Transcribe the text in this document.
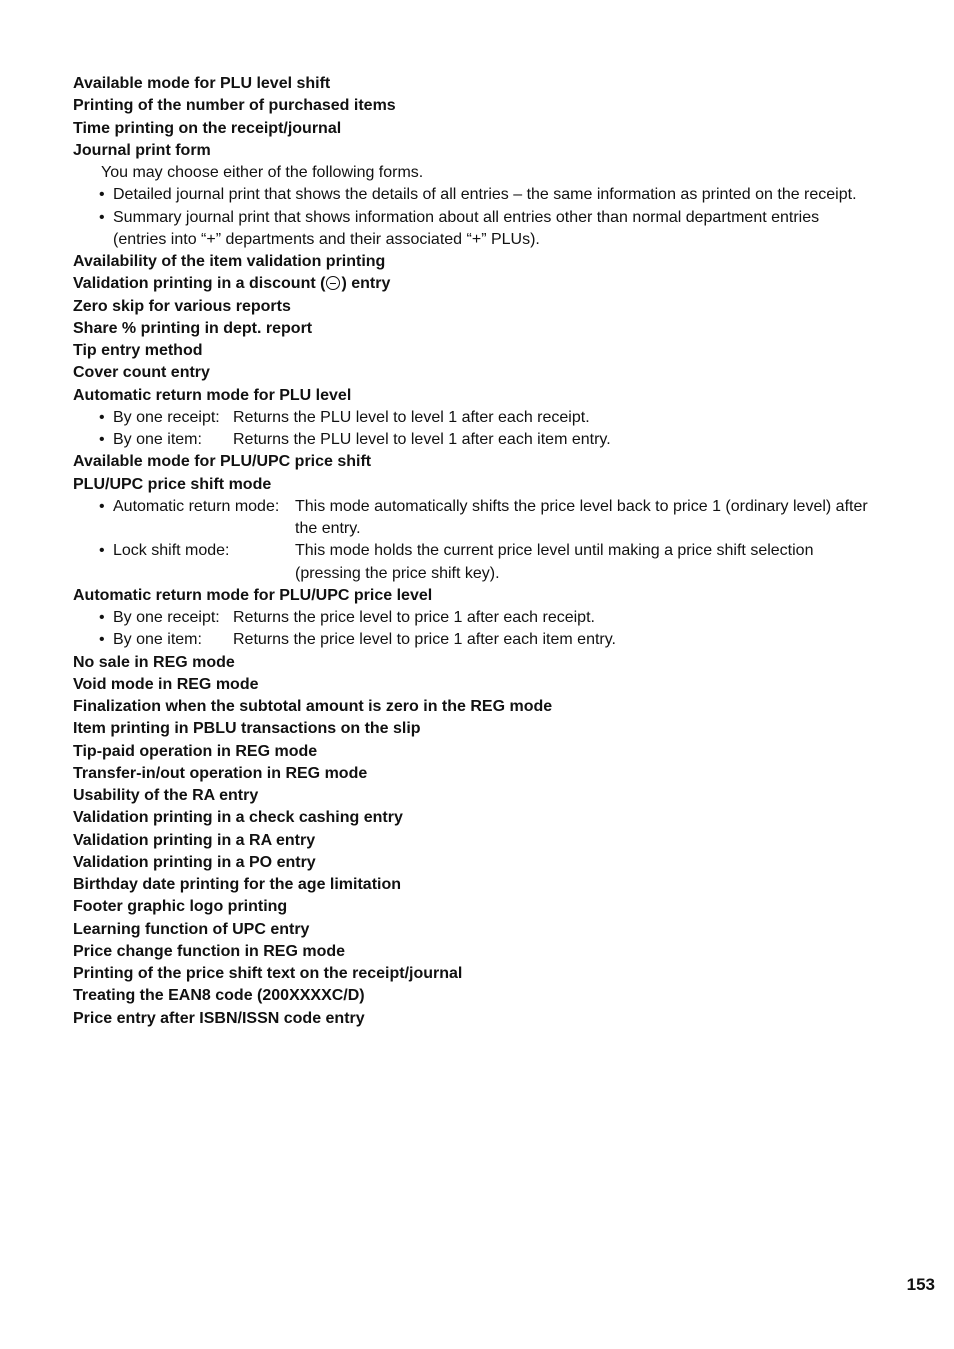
Available mode for PLU level shift
Printing of the number of purchased items
Time printing on the receipt/journal
Journal print form
You may choose either of the following forms.
• Detailed journal print that shows the details of all entries – the same information as printed on the receipt.
• Summary journal print that shows information about all entries other than normal department entries
(entries into “+” departments and their associated “+” PLUs).
Availability of the item validation printing
Validation printing in a discount ( ) entry
Zero skip for various reports
Share % printing in dept. report
Tip entry method
Cover count entry
Automatic return mode for PLU level
• By one receipt: Returns the PLU level to level 1 after each receipt.
• By one item: Returns the PLU level to level 1 after each item entry.
Available mode for PLU/UPC price shift
PLU/UPC price shift mode
• Automatic return mode: This mode automatically shifts the price level back to price 1 (ordinary level) after
the entry.
• Lock shift mode:	This mode holds the current price level until making a price shift selection
(pressing the price shift key).
Automatic return mode for PLU/UPC price level
• By one receipt: Returns the price level to price 1 after each receipt.
• By one item: Returns the price level to price 1 after each item entry.
No sale in REG mode
Void mode in REG mode
Finalization when the subtotal amount is zero in the REG mode
Item printing in PBLU transactions on the slip
Tip-paid operation in REG mode
Transfer-in/out operation in REG mode
Usability of the RA entry
Validation printing in a check cashing entry
Validation printing in a RA entry
Validation printing in a PO entry
Birthday date printing for the age limitation
Footer graphic logo printing
Learning function of UPC entry
Price change function in REG mode
Printing of the price shift text on the receipt/journal
Treating the EAN8 code (200XXXXC/D)
Price entry after ISBN/ISSN code entry
153
